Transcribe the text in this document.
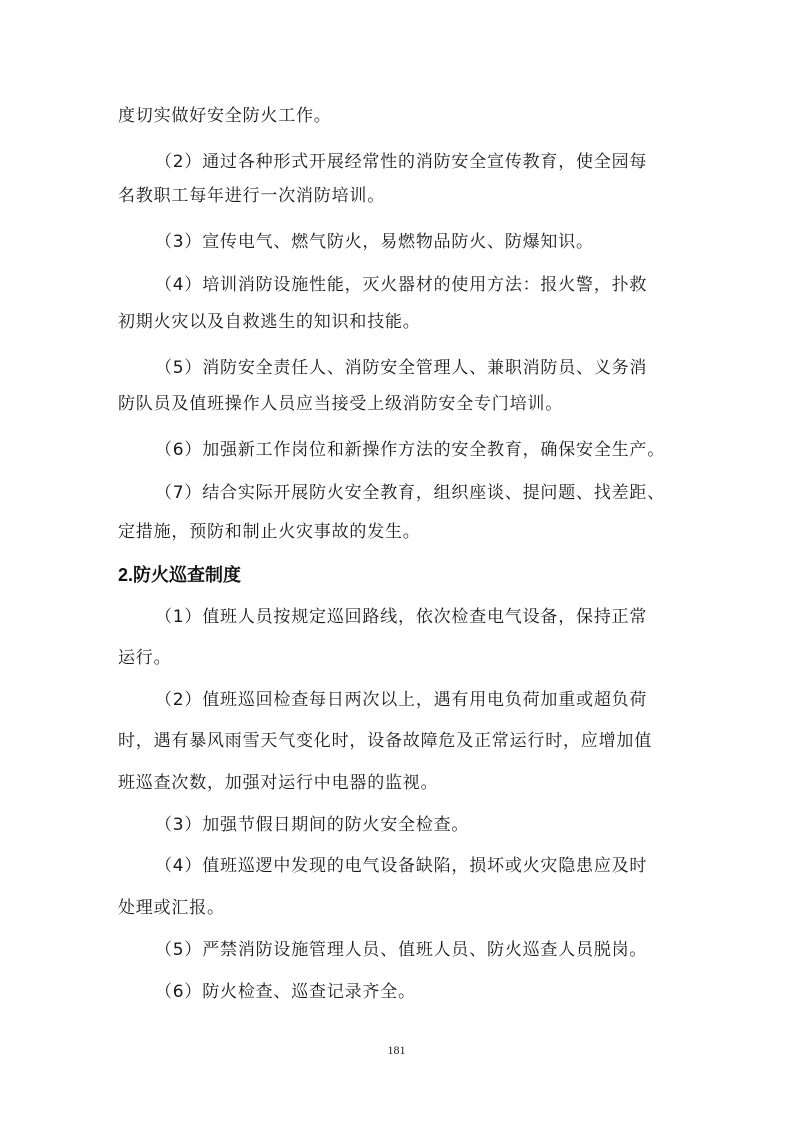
度切实做好安全防火工作。
（2）通过各种形式开展经常性的消防安全宣传教育，使全园每
名教职工每年进行一次消防培训。
（3）宣传电气、燃气防火，易燃物品防火、防爆知识。
（4）培训消防设施性能，灭火器材的使用方法：报火警，扑救
初期火灾以及自救逃生的知识和技能。
（5）消防安全责任人、消防安全管理人、兼职消防员、义务消
防队员及值班操作人员应当接受上级消防安全专门培训。
（6）加强新工作岗位和新操作方法的安全教育，确保安全生产。
（7）结合实际开展防火安全教育，组织座谈、提问题、找差距、
定措施，预防和制止火灾事故的发生。
2.防火巡查制度
（1）值班人员按规定巡回路线，依次检查电气设备，保持正常
运行。
（2）值班巡回检查每日两次以上，遇有用电负荷加重或超负荷
时，遇有暴风雨雪天气变化时，设备故障危及正常运行时，应增加值
班巡查次数，加强对运行中电器的监视。
（3）加强节假日期间的防火安全检查。
（4）值班巡逻中发现的电气设备缺陷，损坏或火灾隐患应及时
处理或汇报。
（5）严禁消防设施管理人员、值班人员、防火巡查人员脱岗。
（6）防火检查、巡查记录齐全。
181
